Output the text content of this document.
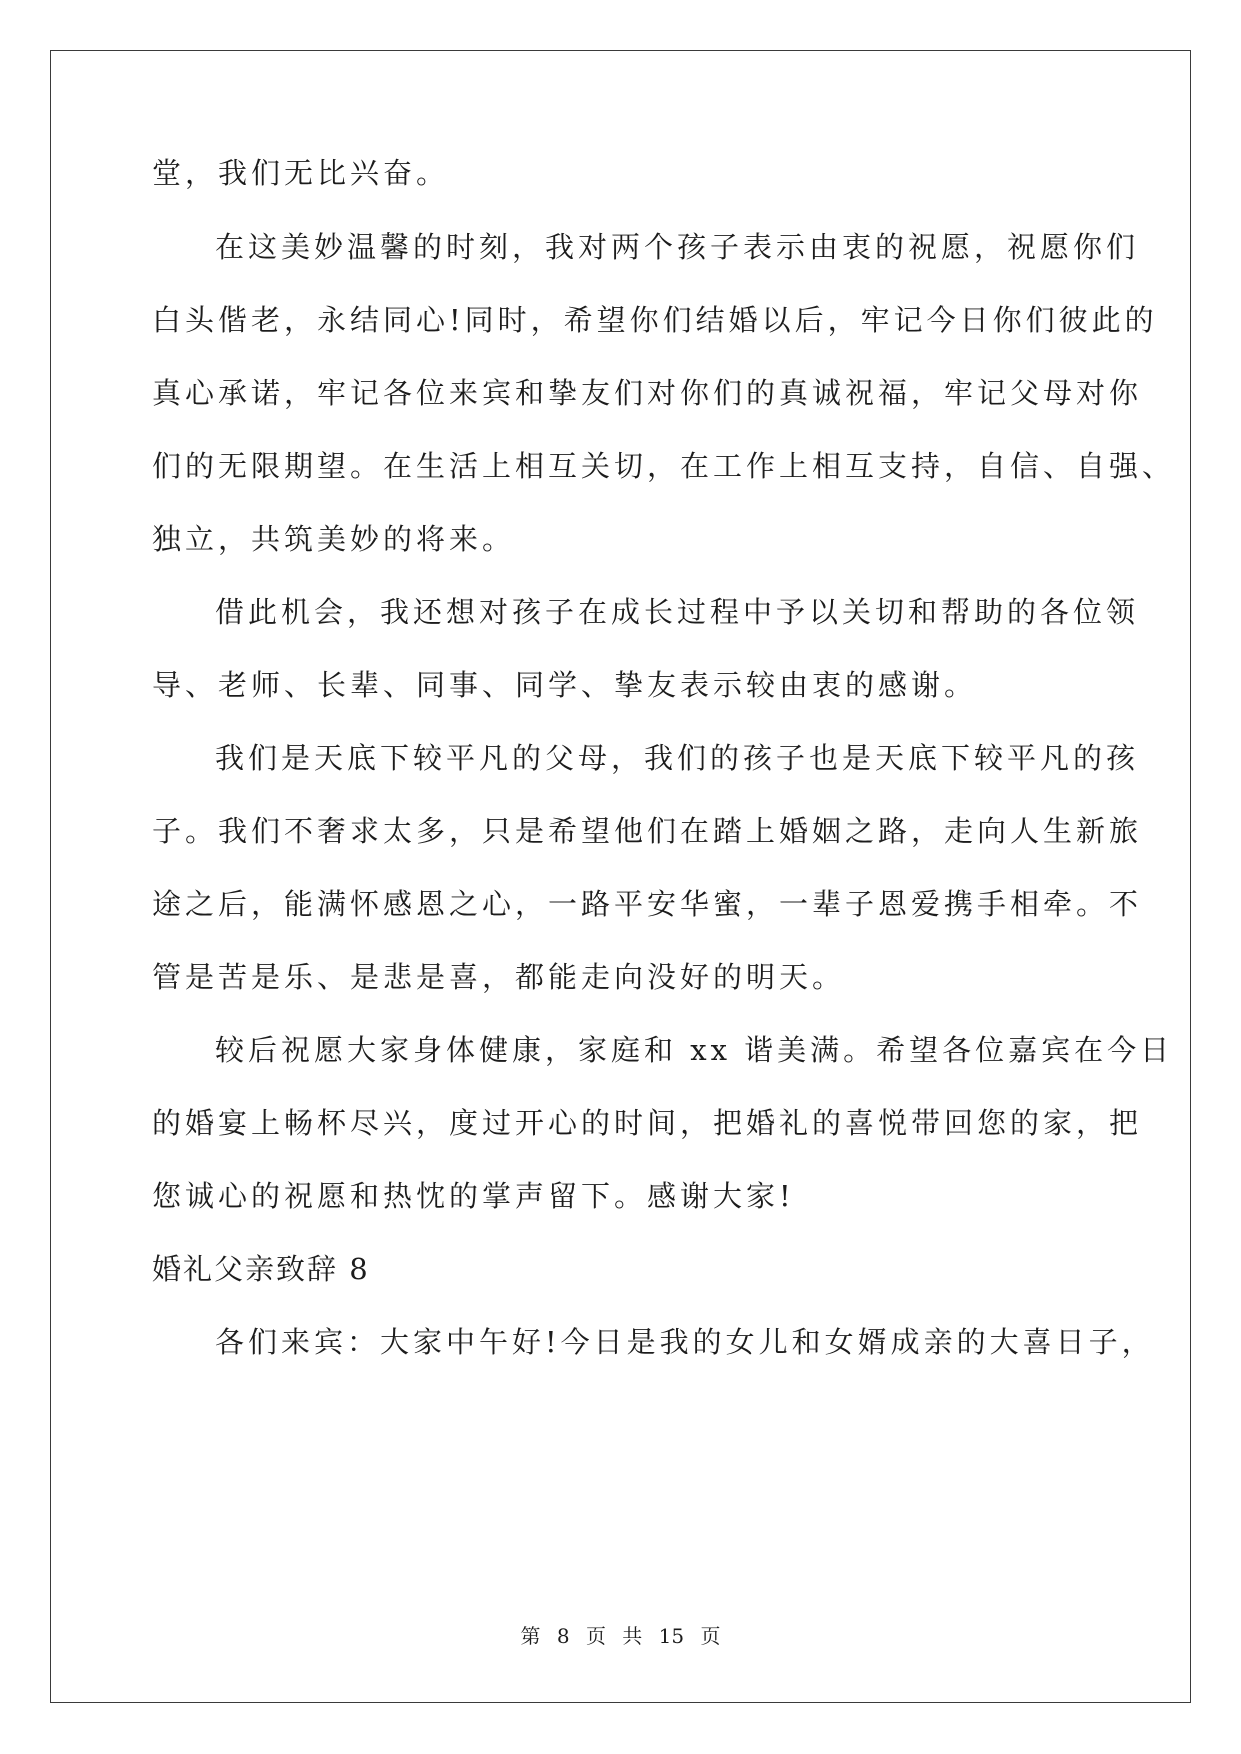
堂，我们无比兴奋。
在这美妙温馨的时刻，我对两个孩子表示由衷的祝愿，祝愿你们
白头偕老，永结同心!同时，希望你们结婚以后，牢记今日你们彼此的
真心承诺，牢记各位来宾和挚友们对你们的真诚祝福，牢记父母对你
们的无限期望。在生活上相互关切，在工作上相互支持，自信、自强、
独立，共筑美妙的将来。
借此机会，我还想对孩子在成长过程中予以关切和帮助的各位领
导、老师、长辈、同事、同学、挚友表示较由衷的感谢。
我们是天底下较平凡的父母，我们的孩子也是天底下较平凡的孩
子。我们不奢求太多，只是希望他们在踏上婚姻之路，走向人生新旅
途之后，能满怀感恩之心，一路平安华蜜，一辈子恩爱携手相牵。不
管是苦是乐、是悲是喜，都能走向没好的明天。
较后祝愿大家身体健康，家庭和 xx 谐美满。希望各位嘉宾在今日
的婚宴上畅杯尽兴，度过开心的时间，把婚礼的喜悦带回您的家，把
您诚心的祝愿和热忱的掌声留下。感谢大家!
婚礼父亲致辞 8
各们来宾：大家中午好!今日是我的女儿和女婿成亲的大喜日子，
第 8 页 共 15 页
